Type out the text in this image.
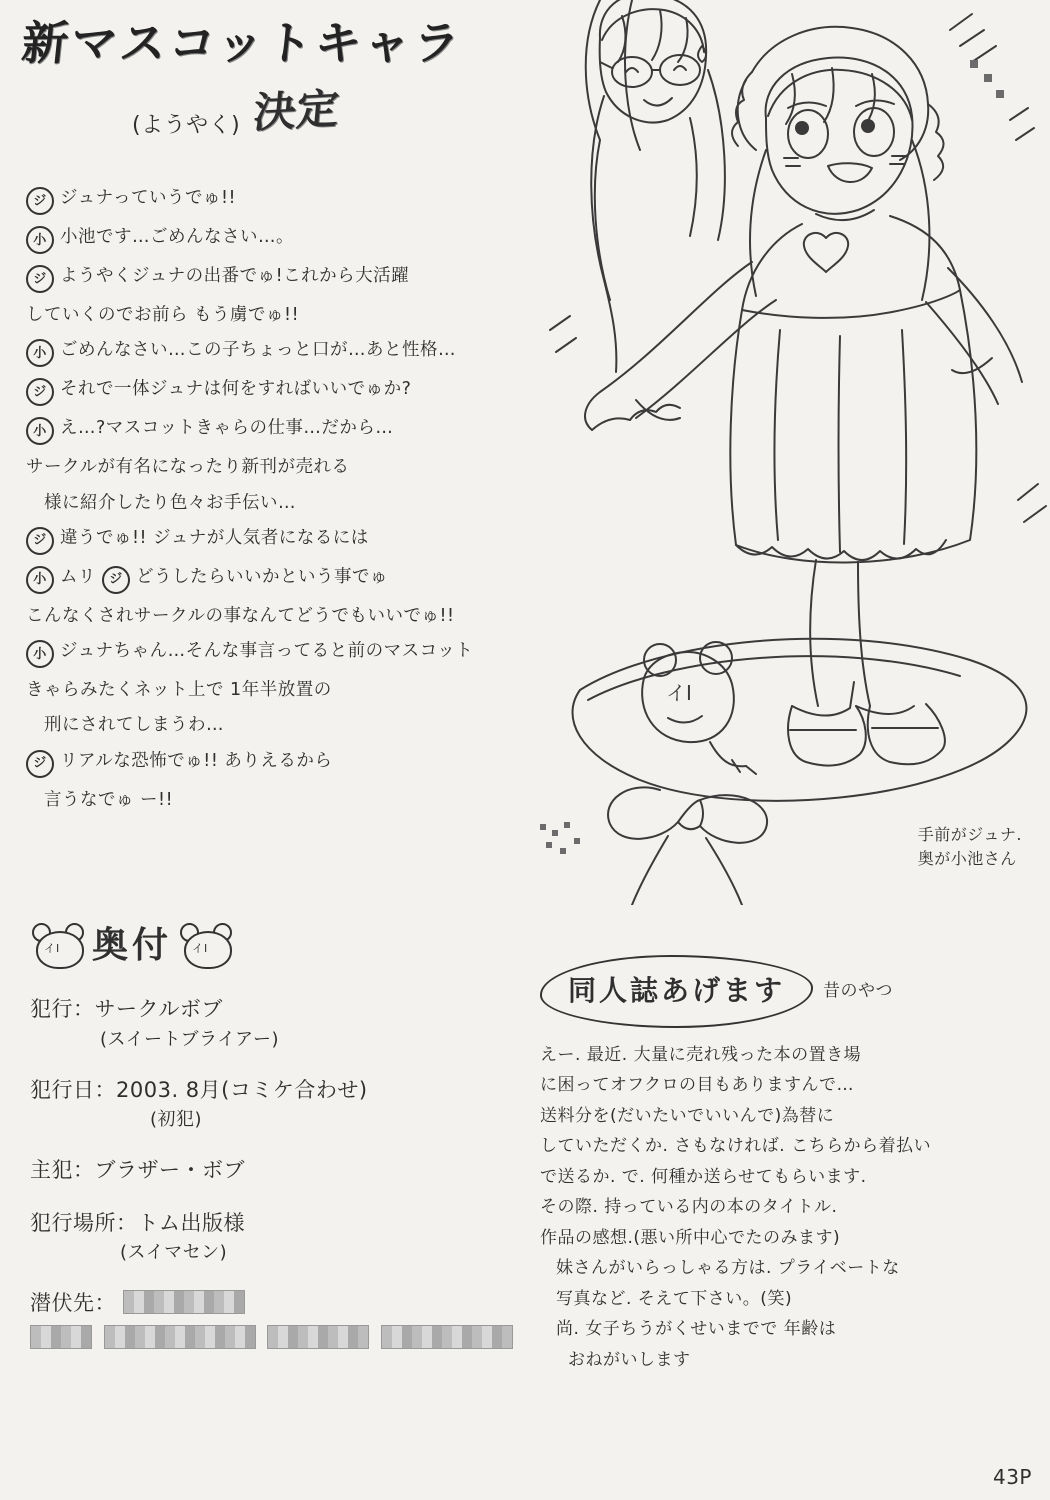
新マスコットキャラ
(ようやく) 決定
ジ ジュナっていうでゅ!!
小 小池です…ごめんなさい…。
ジ ようやくジュナの出番でゅ!これから大活躍
していくのでお前ら もう虜でゅ!!
小 ごめんなさい…この子ちょっと口が…あと性格…
ジ それで一体ジュナは何をすればいいでゅか?
小 え…?マスコットきゃらの仕事…だから…
サークルが有名になったり新刊が売れる
様に紹介したり色々お手伝い…
ジ 違うでゅ!! ジュナが人気者になるには
小 ムリ	ジ どうしたらいいかという事でゅ
こんなくされサークルの事なんてどうでもいいでゅ!!
小 ジュナちゃん…そんな事言ってると前のマスコット
きゃらみたくネット上で 1年半放置の
刑にされてしまうわ…
ジ リアルな恐怖でゅ!! ありえるから
言うなでゅ ー!!
イI 奥付 イI
犯行：サークルボブ
(スイートブライアー)
犯行日：2003. 8月(コミケ合わせ)
(初犯)
主犯：ブラザー・ボブ
犯行場所：トム出版様
(スイマセン)
潜伏先：

イI
手前がジュナ.
奥が小池さん
同人誌あげます	昔のやつ

えー. 最近. 大量に売れ残った本の置き場

に困ってオフクロの目もありますんで…

送料分を(だいたいでいいんで)為替に

していただくか. さもなければ. こちらから着払い

で送るか. で. 何種か送らせてもらいます.

その際. 持っている内の本のタイトル.

作品の感想.(悪い所中心でたのみます)

妹さんがいらっしゃる方は. プライベートな

写真など. そえて下さい。(笑)

尚. 女子ちうがくせいまでで 年齢は

おねがいします

43P
